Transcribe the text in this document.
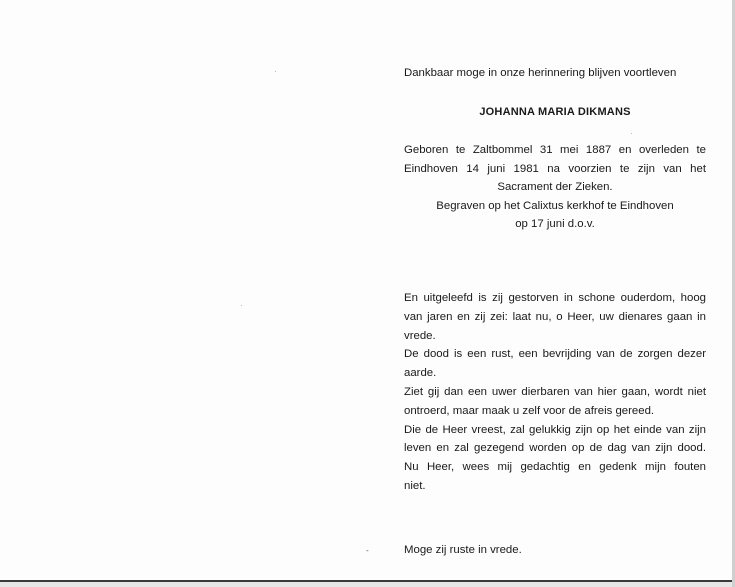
·
·
-
·
Dankbaar moge in onze herinnering blijven voortleven
JOHANNA MARIA DIKMANS
Geboren te Zaltbommel 31 mei 1887 en overleden te
Eindhoven 14 juni 1981 na voorzien te zijn van het
Sacrament der Zieken.
Begraven op het Calixtus kerkhof te Eindhoven
op 17 juni d.o.v.
En uitgeleefd is zij gestorven in schone ouderdom, hoog
van jaren en zij zei: laat nu, o Heer, uw dienares gaan in
vrede.
De dood is een rust, een bevrijding van de zorgen dezer
aarde.
Ziet gij dan een uwer dierbaren van hier gaan, wordt niet
ontroerd, maar maak u zelf voor de afreis gereed.
Die de Heer vreest, zal gelukkig zijn op het einde van zijn
leven en zal gezegend worden op de dag van zijn dood.
Nu Heer, wees mij gedachtig en gedenk mijn fouten
niet.
Moge zij ruste in vrede.
